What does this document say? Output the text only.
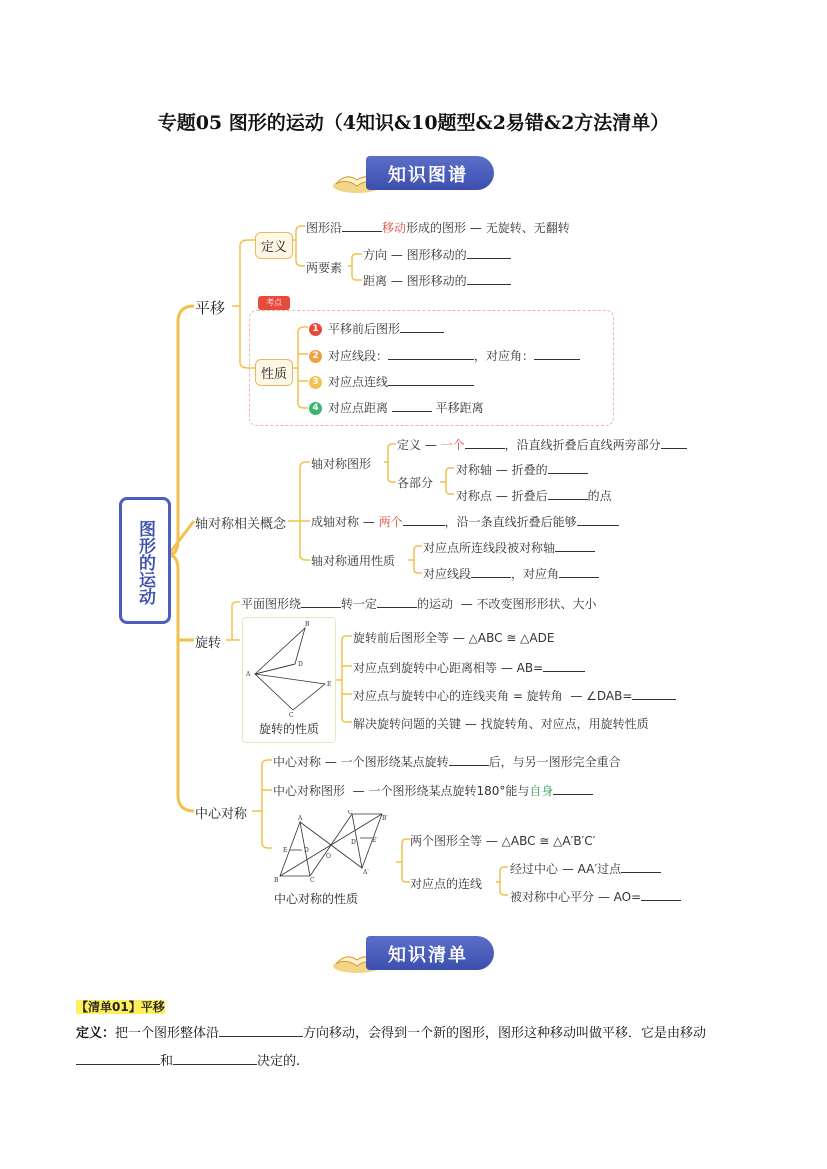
专题05 图形的运动（4知识&10题型&2易错&2方法清单）
知识图谱
图形的运动
平移
定义
图形沿	移动形成的图形 — 无旋转、无翻转
两要素
方向 — 图形移动的
距离 — 图形移动的
考点
性质
1 平移前后图形
2 对应线段：	，对应角：
3 对应点连线
4 对应点距离	平移距离
轴对称相关概念
轴对称图形
定义 — 一个	，沿直线折叠后直线两旁部分
各部分
对称轴 — 折叠的
对称点 — 折叠后	的点
成轴对称 — 两个	，沿一条直线折叠后能够
轴对称通用性质
对应点所连线段被对称轴
对应线段	，对应角
旋转
平面图形绕	转一定	的运动 — 不改变图形形状、大小
A
B
D
E
C
旋转的性质
旋转前后图形全等 — △ABC ≅ △ADE
对应点到旋转中心距离相等 — AB=
对应点与旋转中心的连线夹角 = 旋转角 — ∠DAB=
解决旋转问题的关键 — 找旋转角、对应点，用旋转性质
中心对称
中心对称 — 一个图形绕某点旋转	后，与另一图形完全重合
中心对称图形 — 一个图形绕某点旋转180°能与自身
A
B	C
E	D
C′
B′
A′
E′
D′
O
中心对称的性质
两个图形全等 — △ABC ≅ △A′B′C′
对应点的连线
经过中心 — AA′过点
被对称中心平分 — AO=
知识清单
【清单01】平移
定义：把一个图形整体沿	方向移动，会得到一个新的图形，图形这种移动叫做平移．它是由移动
和	决定的.
